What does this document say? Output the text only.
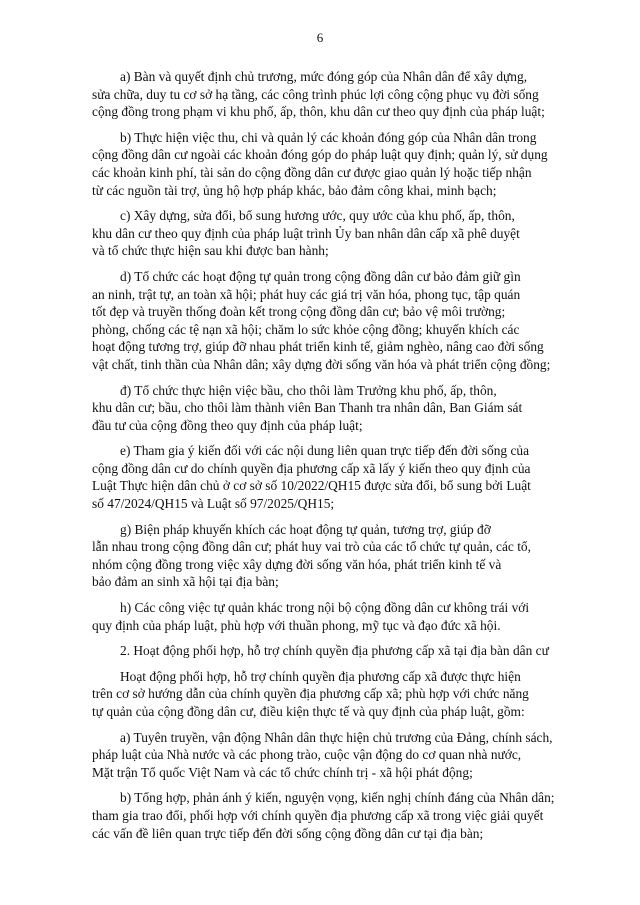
6

a) Bàn và quyết định chủ trương, mức đóng góp của Nhân dân để xây dựng,
sửa chữa, duy tu cơ sở hạ tầng, các công trình phúc lợi công cộng phục vụ đời sống
cộng đồng trong phạm vi khu phố, ấp, thôn, khu dân cư theo quy định của pháp luật;

b) Thực hiện việc thu, chi và quản lý các khoản đóng góp của Nhân dân trong
cộng đồng dân cư ngoài các khoản đóng góp do pháp luật quy định; quản lý, sử dụng
các khoản kinh phí, tài sản do cộng đồng dân cư được giao quản lý hoặc tiếp nhận
từ các nguồn tài trợ, ủng hộ hợp pháp khác, bảo đảm công khai, minh bạch;

c) Xây dựng, sửa đổi, bổ sung hương ước, quy ước của khu phố, ấp, thôn,
khu dân cư theo quy định của pháp luật trình Ủy ban nhân dân cấp xã phê duyệt
và tổ chức thực hiện sau khi được ban hành;

d) Tổ chức các hoạt động tự quản trong cộng đồng dân cư bảo đảm giữ gìn
an ninh, trật tự, an toàn xã hội; phát huy các giá trị văn hóa, phong tục, tập quán
tốt đẹp và truyền thống đoàn kết trong cộng đồng dân cư; bảo vệ môi trường;
phòng, chống các tệ nạn xã hội; chăm lo sức khỏe cộng đồng; khuyến khích các
hoạt động tương trợ, giúp đỡ nhau phát triển kinh tế, giảm nghèo, nâng cao đời sống
vật chất, tinh thần của Nhân dân; xây dựng đời sống văn hóa và phát triển cộng đồng;

đ) Tổ chức thực hiện việc bầu, cho thôi làm Trưởng khu phố, ấp, thôn,
khu dân cư; bầu, cho thôi làm thành viên Ban Thanh tra nhân dân, Ban Giám sát
đầu tư của cộng đồng theo quy định của pháp luật;

e) Tham gia ý kiến đối với các nội dung liên quan trực tiếp đến đời sống của
cộng đồng dân cư do chính quyền địa phương cấp xã lấy ý kiến theo quy định của
Luật Thực hiện dân chủ ở cơ sở số 10/2022/QH15 được sửa đổi, bổ sung bởi Luật
số 47/2024/QH15 và Luật số 97/2025/QH15;

g) Biện pháp khuyến khích các hoạt động tự quản, tương trợ, giúp đỡ
lẫn nhau trong cộng đồng dân cư; phát huy vai trò của các tổ chức tự quản, các tổ,
nhóm cộng đồng trong việc xây dựng đời sống văn hóa, phát triển kinh tế và
bảo đảm an sinh xã hội tại địa bàn;

h) Các công việc tự quản khác trong nội bộ cộng đồng dân cư không trái với
quy định của pháp luật, phù hợp với thuần phong, mỹ tục và đạo đức xã hội.

2. Hoạt động phối hợp, hỗ trợ chính quyền địa phương cấp xã tại địa bàn dân cư

Hoạt động phối hợp, hỗ trợ chính quyền địa phương cấp xã được thực hiện
trên cơ sở hướng dẫn của chính quyền địa phương cấp xã; phù hợp với chức năng
tự quản của cộng đồng dân cư, điều kiện thực tế và quy định của pháp luật, gồm:

a) Tuyên truyền, vận động Nhân dân thực hiện chủ trương của Đảng, chính sách,
pháp luật của Nhà nước và các phong trào, cuộc vận động do cơ quan nhà nước,
Mặt trận Tổ quốc Việt Nam và các tổ chức chính trị - xã hội phát động;

b) Tổng hợp, phản ánh ý kiến, nguyện vọng, kiến nghị chính đáng của Nhân dân;
tham gia trao đổi, phối hợp với chính quyền địa phương cấp xã trong việc giải quyết
các vấn đề liên quan trực tiếp đến đời sống cộng đồng dân cư tại địa bàn;
